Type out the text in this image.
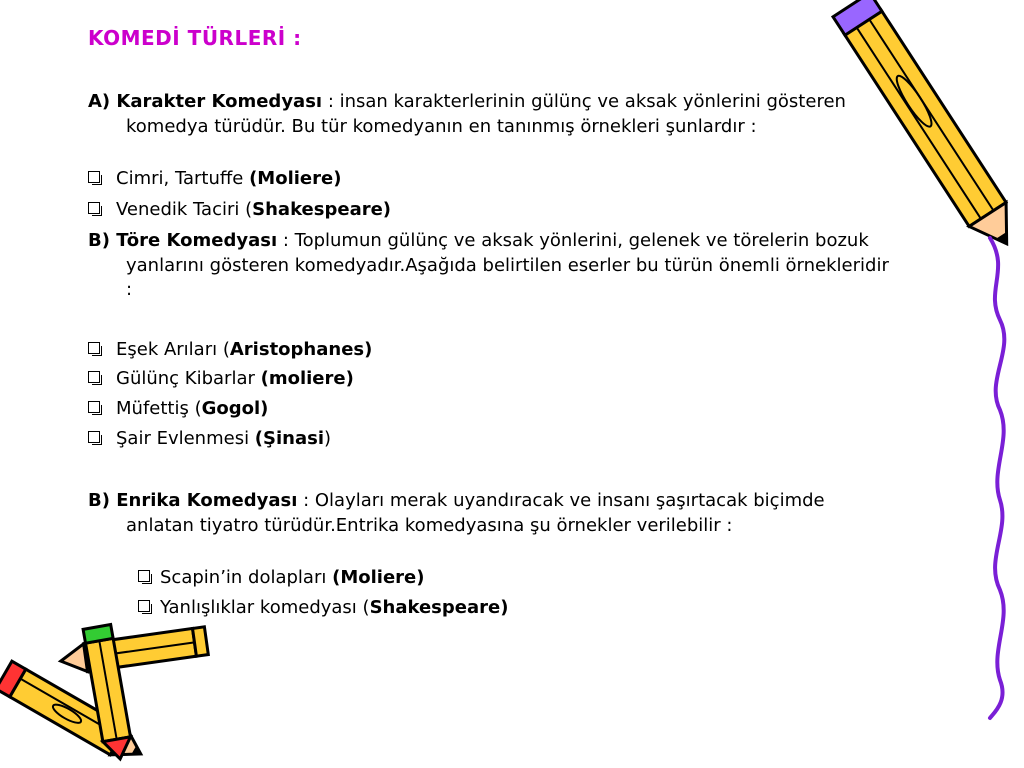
KOMEDİ TÜRLERİ :
A) Karakter Komedyası : insan karakterlerinin gülünç ve aksak yönlerini gösteren komedya türüdür. Bu tür komedyanın en tanınmış örnekleri şunlardır :
Cimri, Tartuffe (Moliere)
Venedik Taciri (Shakespeare)
B) Töre Komedyası : Toplumun gülünç ve aksak yönlerini, gelenek ve törelerin bozuk yanlarını gösteren komedyadır.Aşağıda belirtilen eserler bu türün önemli örnekleridir :
Eşek Arıları (Aristophanes)
Gülünç Kibarlar (moliere)
Müfettiş (Gogol)
Şair Evlenmesi (Şinasi)
B) Enrika Komedyası : Olayları merak uyandıracak ve insanı şaşırtacak biçimde anlatan tiyatro türüdür.Entrika komedyasına şu örnekler verilebilir :
Scapin’in dolapları (Moliere)
Yanlışlıklar komedyası (Shakespeare)
